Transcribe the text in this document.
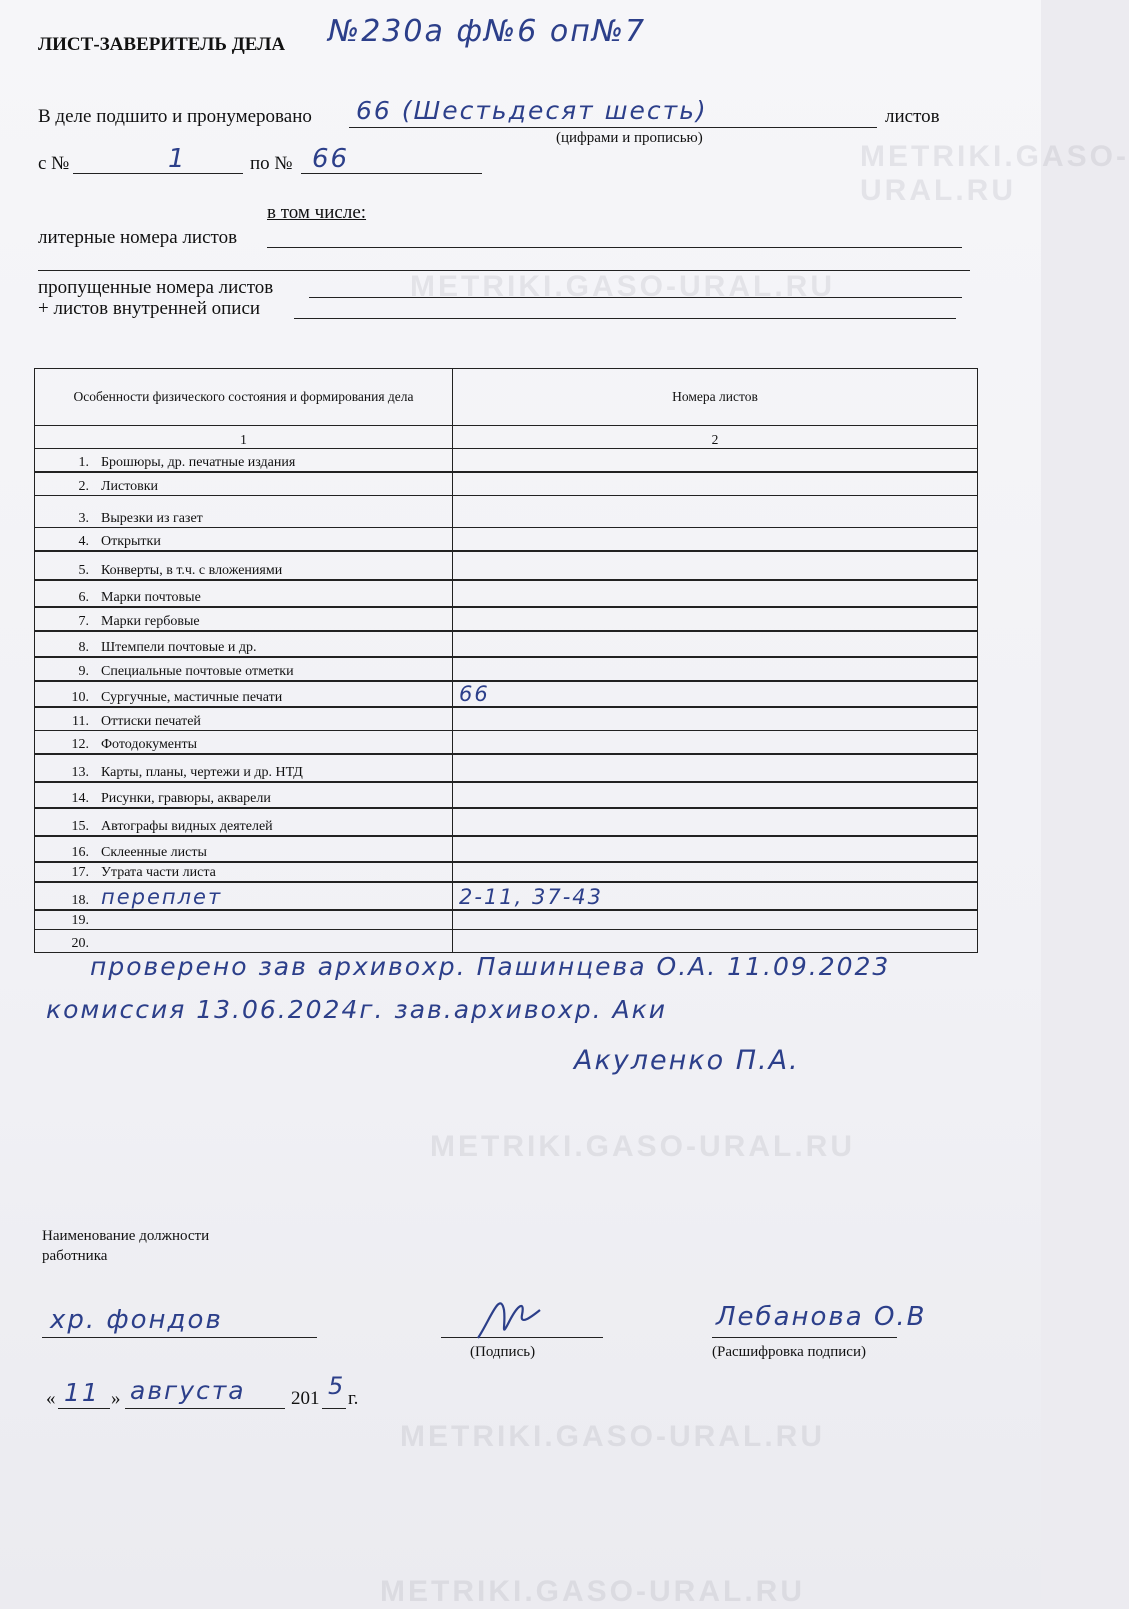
METRIKI.GASO-URAL.RU
METRIKI.GASO-URAL.RU
METRIKI.GASO-URAL.RU
METRIKI.GASO-URAL.RU
METRIKI.GASO-URAL.RU
ЛИСТ-ЗАВЕРИТЕЛЬ ДЕЛА №230а ф№6 оп№7
В деле подшито и пронумеровано 66 (Шестьдесят шесть)	листов
(цифрами и прописью)
с №	1	по № 66
в том числе:
литерные номера листов
пропущенные номера листов
+ листов внутренней описи
Особенности физического состояния и формирования дела	Номера листов
1	2
1. Брошюры, др. печатные издания	
2. Листовки	
3. Вырезки из газет	
4. Открытки	
5. Конверты, в т.ч. с вложениями	
6. Марки почтовые	
7. Марки гербовые	
8. Штемпели почтовые и др.	
9. Специальные почтовые отметки	
10. Сургучные, мастичные печати	66
11. Оттиски печатей	
12. Фотодокументы	
13. Карты, планы, чертежи и др. НТД	
14. Рисунки, гравюры, акварели	
15. Автографы видных деятелей	
16. Склеенные листы	
17. Утрата части листа	
18. переплет	2-11, 37-43
19.	
20.	
проверено зав архивохр. Пашинцева О.А. 11.09.2023
комиссия 13.06.2024г. зав.архивохр. Аки
Акуленко П.А.
Наименование должности
работника
хр. фондов
(Подпись)
Лебанова О.В
(Расшифровка подписи)
« 11 » августа 201 5 г.
